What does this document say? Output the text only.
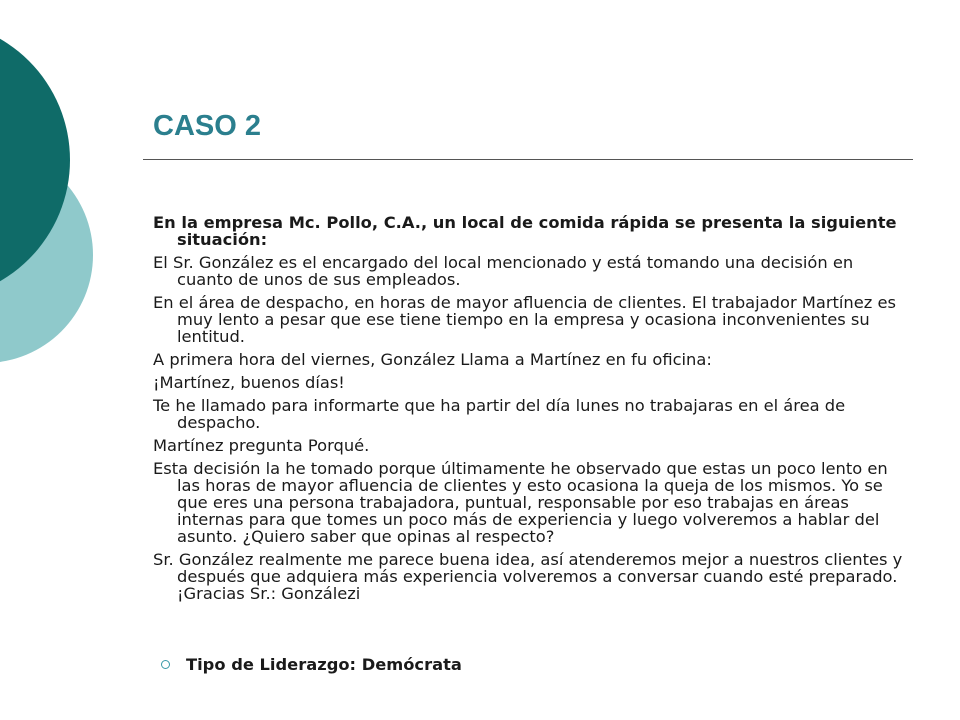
CASO 2

En la empresa Mc. Pollo, C.A., un local de comida rápida se presenta la siguiente situación:

El Sr. González es el encargado del local mencionado y está tomando una decisión en cuanto de unos de sus empleados.

En el área de despacho, en horas de mayor afluencia de clientes. El trabajador Martínez es muy lento a pesar que ese tiene tiempo en la empresa y ocasiona inconvenientes su lentitud.

A primera hora del viernes, González Llama a Martínez en fu oficina:

¡Martínez, buenos días!

Te he llamado para informarte que ha partir del día lunes no trabajaras en el área de despacho.

Martínez pregunta Porqué.

Esta decisión la he tomado porque últimamente he observado que estas un poco lento en las horas de mayor afluencia de clientes y esto ocasiona la queja de los mismos. Yo se que eres una persona trabajadora, puntual, responsable por eso trabajas en áreas internas para que tomes un poco más de experiencia y luego volveremos a hablar del asunto. ¿Quiero saber que opinas al respecto?

Sr. González realmente me parece buena idea, así atenderemos mejor a nuestros clientes y después que adquiera más experiencia volveremos a conversar cuando esté preparado. ¡Gracias Sr.: Gonzálezi

Tipo de Liderazgo: Demócrata
